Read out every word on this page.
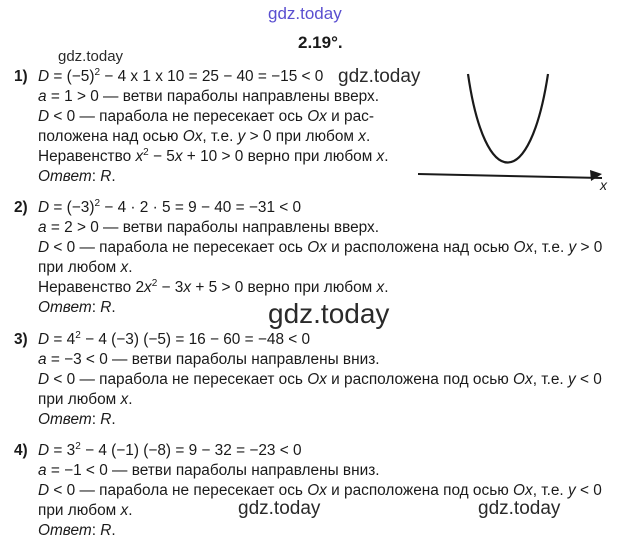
gdz.today
gdz.today
gdz.today
gdz.today
gdz.today	gdz.today
2.19°.
x
1) $D = (-5)^2 - 4$ x 1 x 10 = 25 − 40 = −15 < 0
a = 1 > 0 — ветви параболы направлены вверх.
D < 0 — парабола не пересекает ось Ox и рас-
положена над осью Ox, т.е. y > 0 при любом x.
Неравенство $x^2 - 5x + 10 > 0$ верно при любом x.
Ответ: R.
2) $D = (-3)^2 - 4 \cdot 2 \cdot 5 = 9 - 40 = -31 < 0$
a = 2 > 0 — ветви параболы направлены вверх.
D < 0 — парабола не пересекает ось Ox и расположена над осью Ox, т.е. y > 0
при любом x.
Неравенство $2x^2 - 3x + 5 > 0$ верно при любом x.
Ответ: R.
3) $D = 4^2 - 4$ (−3) (−5) = 16 − 60 = −48 < 0
a = −3 < 0 — ветви параболы направлены вниз.
D < 0 — парабола не пересекает ось Ox и расположена под осью Ox, т.е. y < 0
при любом x.
Ответ: R.
4) $D = 3^2 - 4$ (−1) (−8) = 9 − 32 = −23 < 0
a = −1 < 0 — ветви параболы направлены вниз.
D < 0 — парабола не пересекает ось Ox и расположена под осью Ox, т.е. y < 0
при любом x.
Ответ: R.
